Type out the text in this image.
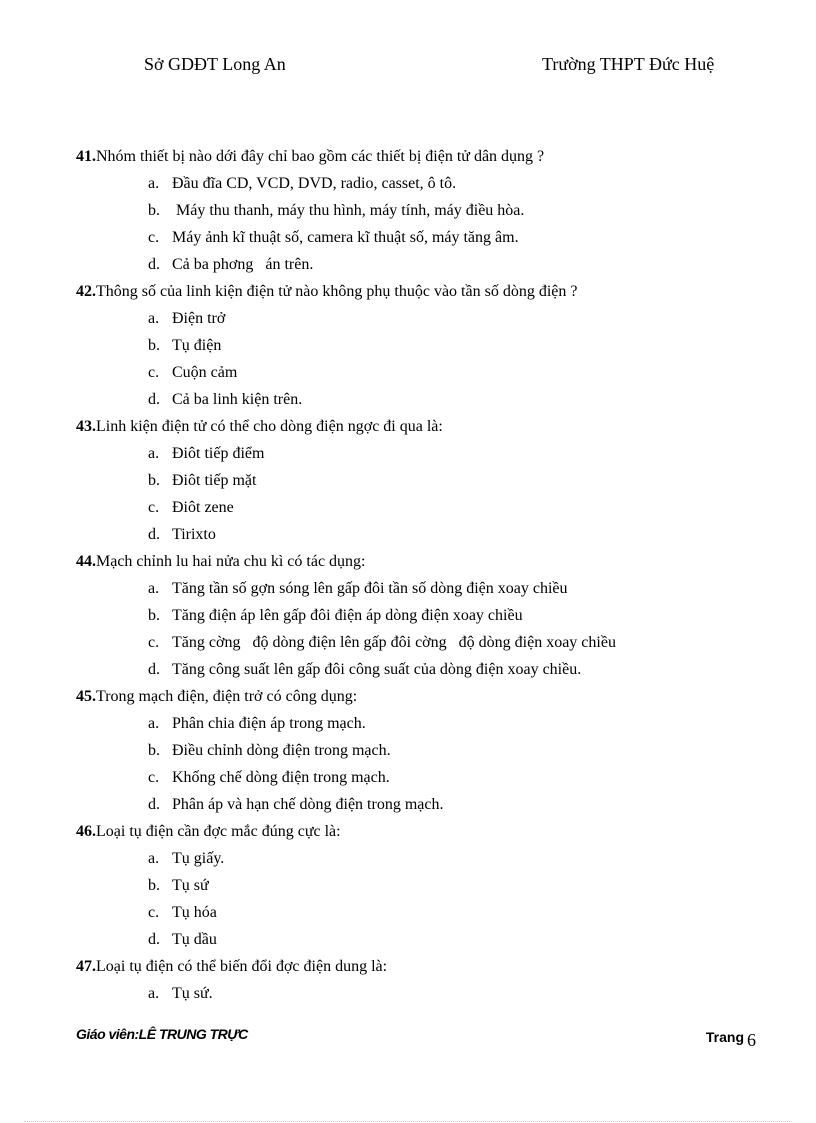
Sở GDĐT Long An	Trường THPT Đức Huệ
41.Nhóm thiết bị nào dới đây chỉ bao gồm các thiết bị điện tử dân dụng ?
a. Đầu đĩa CD, VCD, DVD, radio, casset, ô tô.
b. Máy thu thanh, máy thu hình, máy tính, máy điều hòa.
c. Máy ảnh kĩ thuật số, camera kĩ thuật số, máy tăng âm.
d. Cả ba phơng   án trên.
42.Thông số của linh kiện điện tử nào không phụ thuộc vào tần số dòng điện ?
a. Điện trở
b. Tụ điện
c. Cuộn cảm
d. Cả ba linh kiện trên.
43.Linh kiện điện tử có thể cho dòng điện ngợc đi qua là:
a. Điôt tiếp điểm
b. Điôt tiếp mặt
c. Điôt zene
d. Tirixto
44.Mạch chỉnh lu hai nửa chu kì có tác dụng:
a. Tăng tần số gợn sóng lên gấp đôi tần số dòng điện xoay chiều
b. Tăng điện áp lên gấp đôi điện áp dòng điện xoay chiều
c. Tăng cờng   độ dòng điện lên gấp đôi cờng   độ dòng điện xoay chiều
d. Tăng công suất lên gấp đôi công suất của dòng điện xoay chiều.
45.Trong mạch điện, điện trở có công dụng:
a. Phân chia điện áp trong mạch.
b. Điều chỉnh dòng điện trong mạch.
c. Khống chế dòng điện trong mạch.
d. Phân áp và hạn chế dòng điện trong mạch.
46.Loại tụ điện cần đợc mắc đúng cực là:
a. Tụ giấy.
b. Tụ sứ
c. Tụ hóa
d. Tụ dầu
47.Loại tụ điện có thể biến đổi đợc điện dung là:
a. Tụ sứ.
Giáo viên:LÊ TRUNG TRỰC	Trang 6
